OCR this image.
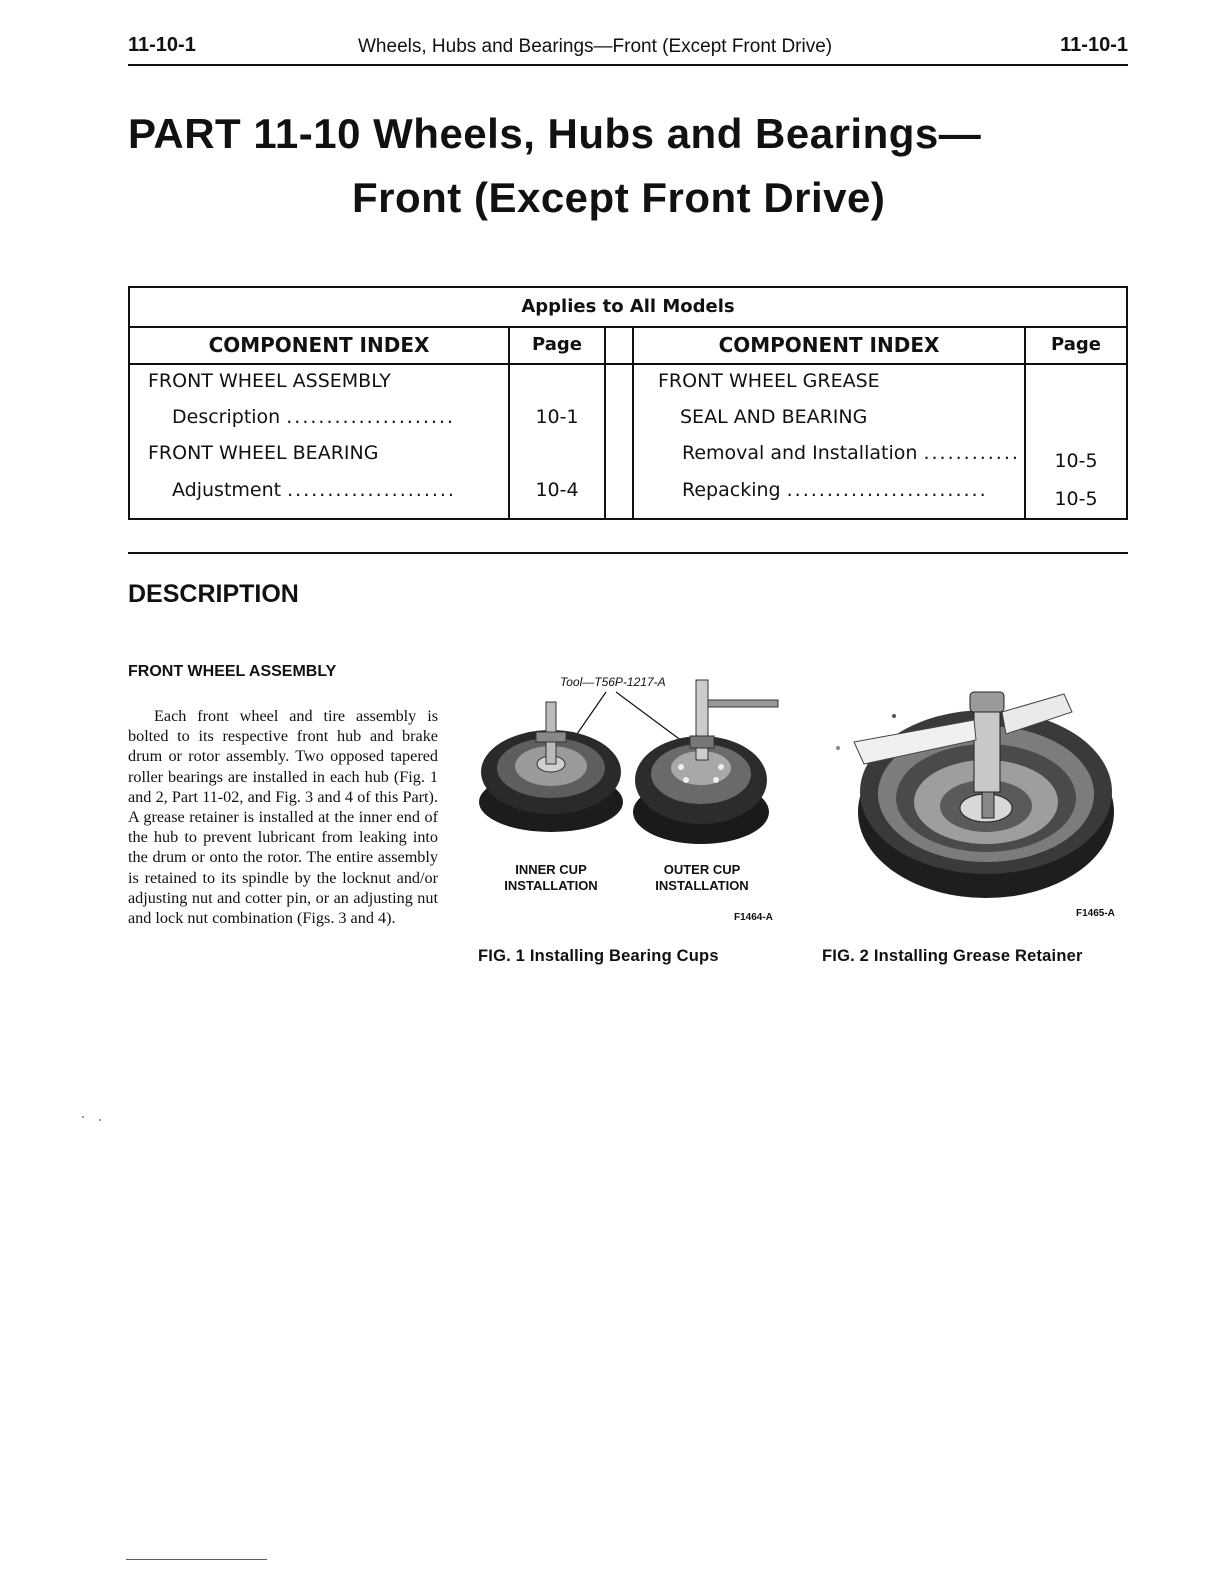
11-10-1	Wheels, Hubs and Bearings—Front (Except Front Drive)	11-10-1
PART 11-10 Wheels, Hubs and Bearings—
Front (Except Front Drive)
Applies to All Models
COMPONENT INDEX	Page	COMPONENT INDEX	Page
FRONT WHEEL ASSEMBLY
Description .....................	10-1
FRONT WHEEL BEARING
Adjustment .....................	10-4
FRONT WHEEL GREASE
SEAL AND BEARING
Removal and Installation ............	10-5
Repacking .........................	10-5
DESCRIPTION
FRONT WHEEL ASSEMBLY

Each front wheel and tire assembly is bolted to its respective front hub and brake drum or rotor assembly. Two opposed tapered roller bearings are installed in each hub (Fig. 1 and 2, Part 11-02, and Fig. 3 and 4 of this Part). A grease retainer is installed at the inner end of the hub to prevent lubricant from leaking into the drum or onto the rotor. The entire assembly is retained to its spindle by the locknut and/or adjusting nut and cotter pin, or an adjusting nut and lock nut combination (Figs. 3 and 4).

Tool—T56P-1217-A
INNER CUP
INSTALLATION
OUTER CUP
INSTALLATION
F1464-A
FIG. 1 Installing Bearing Cups
F1465-A
FIG. 2 Installing Grease Retainer
